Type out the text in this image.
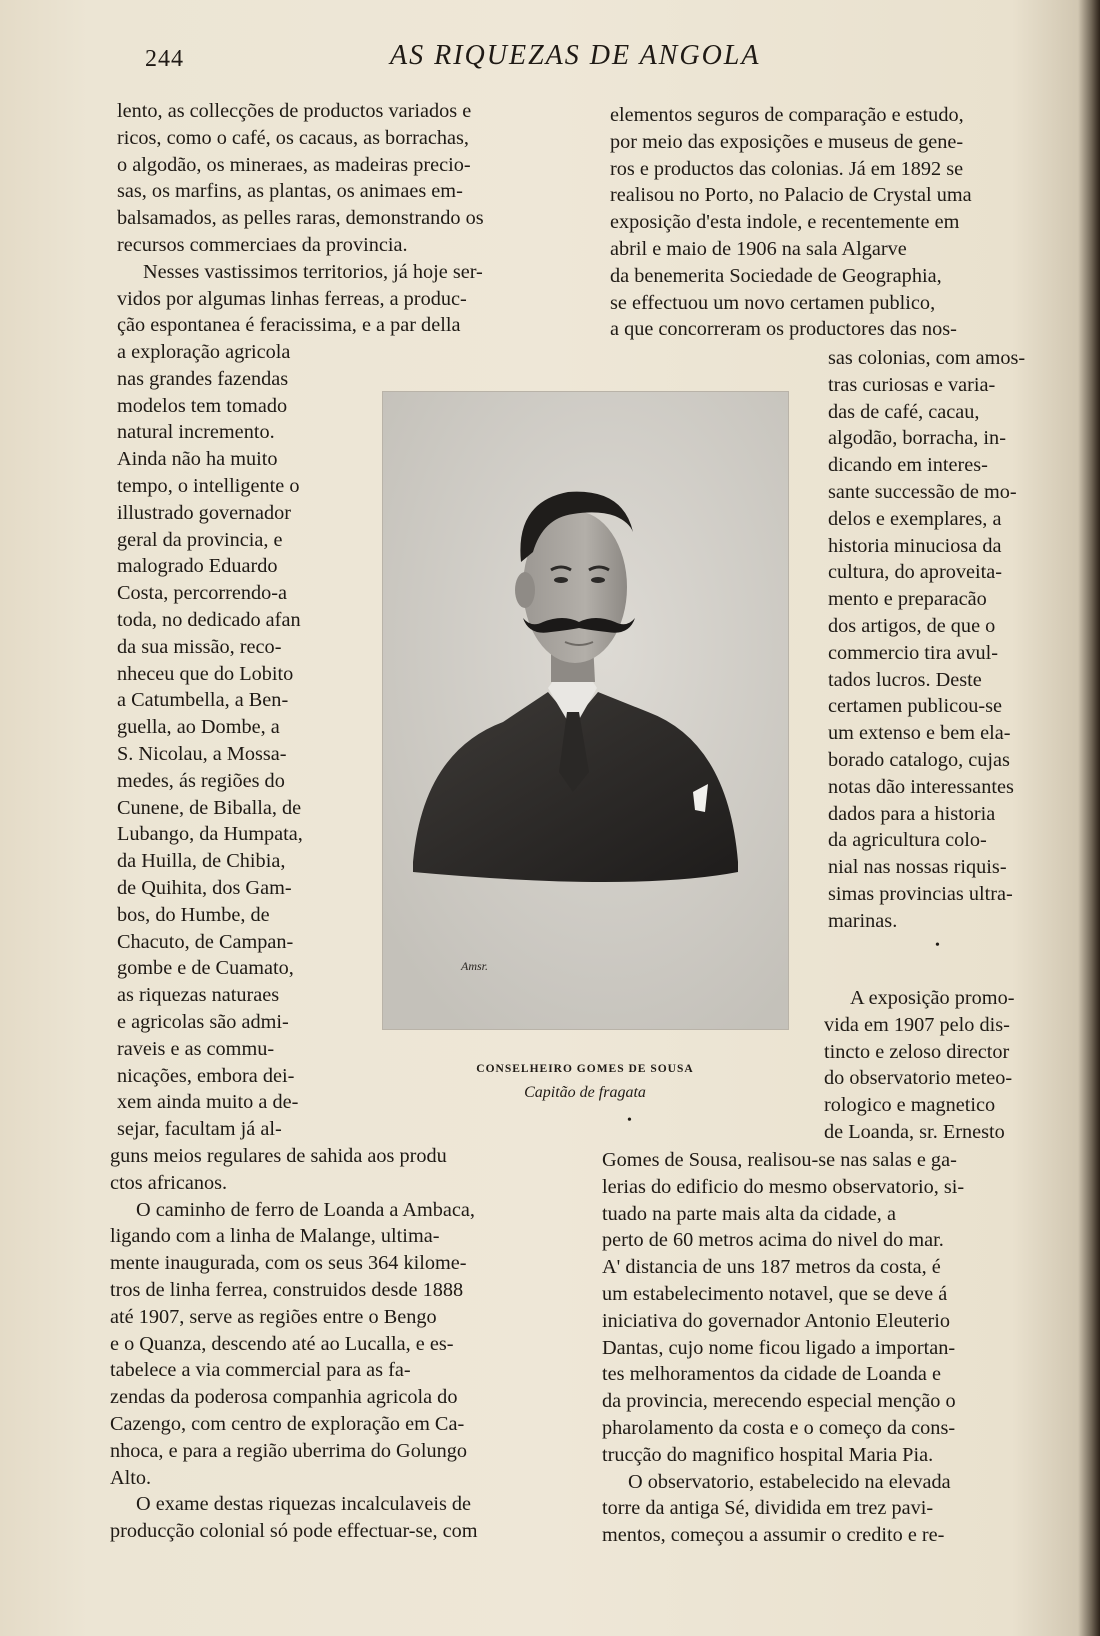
244	AS RIQUEZAS DE ANGOLA

lento, as collecções de productos variados e

ricos, como o café, os cacaus, as borrachas,

o algodão, os mineraes, as madeiras precio-

sas, os marfins, as plantas, os animaes em-

balsamados, as pelles raras, demonstrando os

recursos commerciaes da provincia.

Nesses vastissimos territorios, já hoje ser-

vidos por algumas linhas ferreas, a produc-

ção espontanea é feracissima, e a par della

a exploração agricola

nas grandes fazendas

modelos tem tomado

natural incremento.

Ainda não ha muito

tempo, o intelligente o

illustrado governador

geral da provincia, e

malogrado Eduardo

Costa, percorrendo-a

toda, no dedicado afan

da sua missão, reco-

nheceu que do Lobito

a Catumbella, a Ben-

guella, ao Dombe, a

S. Nicolau, a Mossa-

medes, ás regiões do

Cunene, de Biballa, de

Lubango, da Humpata,

da Huilla, de Chibia,

de Quihita, dos Gam-

bos, do Humbe, de

Chacuto, de Campan-

gombe e de Cuamato,

as riquezas naturaes

e agricolas são admi-

raveis e as commu-

nicações, embora dei-

xem ainda muito a de-

sejar, facultam já al-

guns meios regulares de sahida aos produ

ctos africanos.

O caminho de ferro de Loanda a Ambaca,

ligando com a linha de Malange, ultima-

mente inaugurada, com os seus 364 kilome-

tros de linha ferrea, construidos desde 1888

até 1907, serve as regiões entre o Bengo

e o Quanza, descendo até ao Lucalla, e es-

tabelece a via commercial para as fa-

zendas da poderosa companhia agricola do

Cazengo, com centro de exploração em Ca-

nhoca, e para a região uberrima do Golungo

Alto.

O exame destas riquezas incalculaveis de

producção colonial só pode effectuar-se, com

elementos seguros de comparação e estudo,

por meio das exposições e museus de gene-

ros e productos das colonias. Já em 1892 se

realisou no Porto, no Palacio de Crystal uma

exposição d'esta indole, e recentemente em

abril e maio de 1906 na sala Algarve

da benemerita Sociedade de Geographia,

se effectuou um novo certamen publico,

a que concorreram os productores das nos-

sas colonias, com amos-

tras curiosas e varia-

das de café, cacau,

algodão, borracha, in-

dicando em interes-

sante successão de mo-

delos e exemplares, a

historia minuciosa da

cultura, do aproveita-

mento e preparacão

dos artigos, de que o

commercio tira avul-

tados lucros. Deste

certamen publicou-se

um extenso e bem ela-

borado catalogo, cujas

notas dão interessantes

dados para a historia

da agricultura colo-

nial nas nossas riquis-

simas provincias ultra-

marinas.

•

A exposição promo-

vida em 1907 pelo dis-

tincto e zeloso director

do observatorio meteo-

rologico e magnetico

de Loanda, sr. Ernesto

Gomes de Sousa, realisou-se nas salas e ga-

lerias do edificio do mesmo observatorio, si-

tuado na parte mais alta da cidade, a

perto de 60 metros acima do nivel do mar.

A' distancia de uns 187 metros da costa, é

um estabelecimento notavel, que se deve á

iniciativa do governador Antonio Eleuterio

Dantas, cujo nome ficou ligado a importan-

tes melhoramentos da cidade de Loanda e

da provincia, merecendo especial menção o

pharolamento da costa e o começo da cons-

trucção do magnifico hospital Maria Pia.

O observatorio, estabelecido na elevada

torre da antiga Sé, dividida em trez pavi-

mentos, começou a assumir o credito e re-

Amsr.
CONSELHEIRO GOMES DE SOUSA
Capitão de fragata
•
